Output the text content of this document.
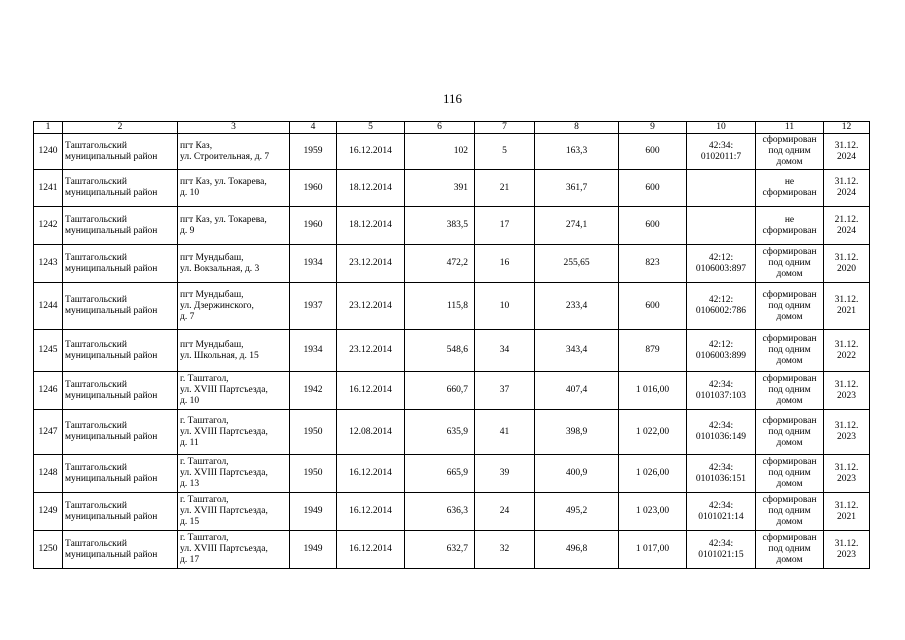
116
1	2	3	4	5	6	7	8	9	10	11	12
1240	Таштагольский муниципальный район	пгт Каз,
ул. Строительная, д. 7	1959	16.12.2014	102	5	163,3	600	42:34:
0102011:7	сформирован под одним домом	31.12.
2024
1241	Таштагольский муниципальный район	пгт Каз, ул. Токарева,
д. 10	1960	18.12.2014	391	21	361,7	600		не
сформирован	31.12.
2024
1242	Таштагольский муниципальный район	пгт Каз, ул. Токарева,
д. 9	1960	18.12.2014	383,5	17	274,1	600		не
сформирован	21.12.
2024
1243	Таштагольский муниципальный район	пгт Мундыбаш,
ул. Вокзальная, д. 3	1934	23.12.2014	472,2	16	255,65	823	42:12:
0106003:897	сформирован под одним домом	31.12.
2020
1244	Таштагольский муниципальный район	пгт Мундыбаш,
ул. Дзержинского,
д. 7	1937	23.12.2014	115,8	10	233,4	600	42:12:
0106002:786	сформирован под одним домом	31.12.
2021
1245	Таштагольский муниципальный район	пгт Мундыбаш,
ул. Школьная, д. 15	1934	23.12.2014	548,6	34	343,4	879	42:12:
0106003:899	сформирован под одним домом	31.12.
2022
1246	Таштагольский муниципальный район	г. Таштагол,
ул. XVIII Партсъезда,
д. 10	1942	16.12.2014	660,7	37	407,4	1 016,00	42:34:
0101037:103	сформирован под одним домом	31.12.
2023
1247	Таштагольский муниципальный район	г. Таштагол,
ул. XVIII Партсъезда,
д. 11	1950	12.08.2014	635,9	41	398,9	1 022,00	42:34:
0101036:149	сформирован под одним домом	31.12.
2023
1248	Таштагольский муниципальный район	г. Таштагол,
ул. XVIII Партсъезда,
д. 13	1950	16.12.2014	665,9	39	400,9	1 026,00	42:34:
0101036:151	сформирован под одним домом	31.12.
2023
1249	Таштагольский муниципальный район	г. Таштагол,
ул. XVIII Партсъезда,
д. 15	1949	16.12.2014	636,3	24	495,2	1 023,00	42:34:
0101021:14	сформирован под одним домом	31.12.
2021
1250	Таштагольский муниципальный район	г. Таштагол,
ул. XVIII Партсъезда,
д. 17	1949	16.12.2014	632,7	32	496,8	1 017,00	42:34:
0101021:15	сформирован под одним домом	31.12.
2023
